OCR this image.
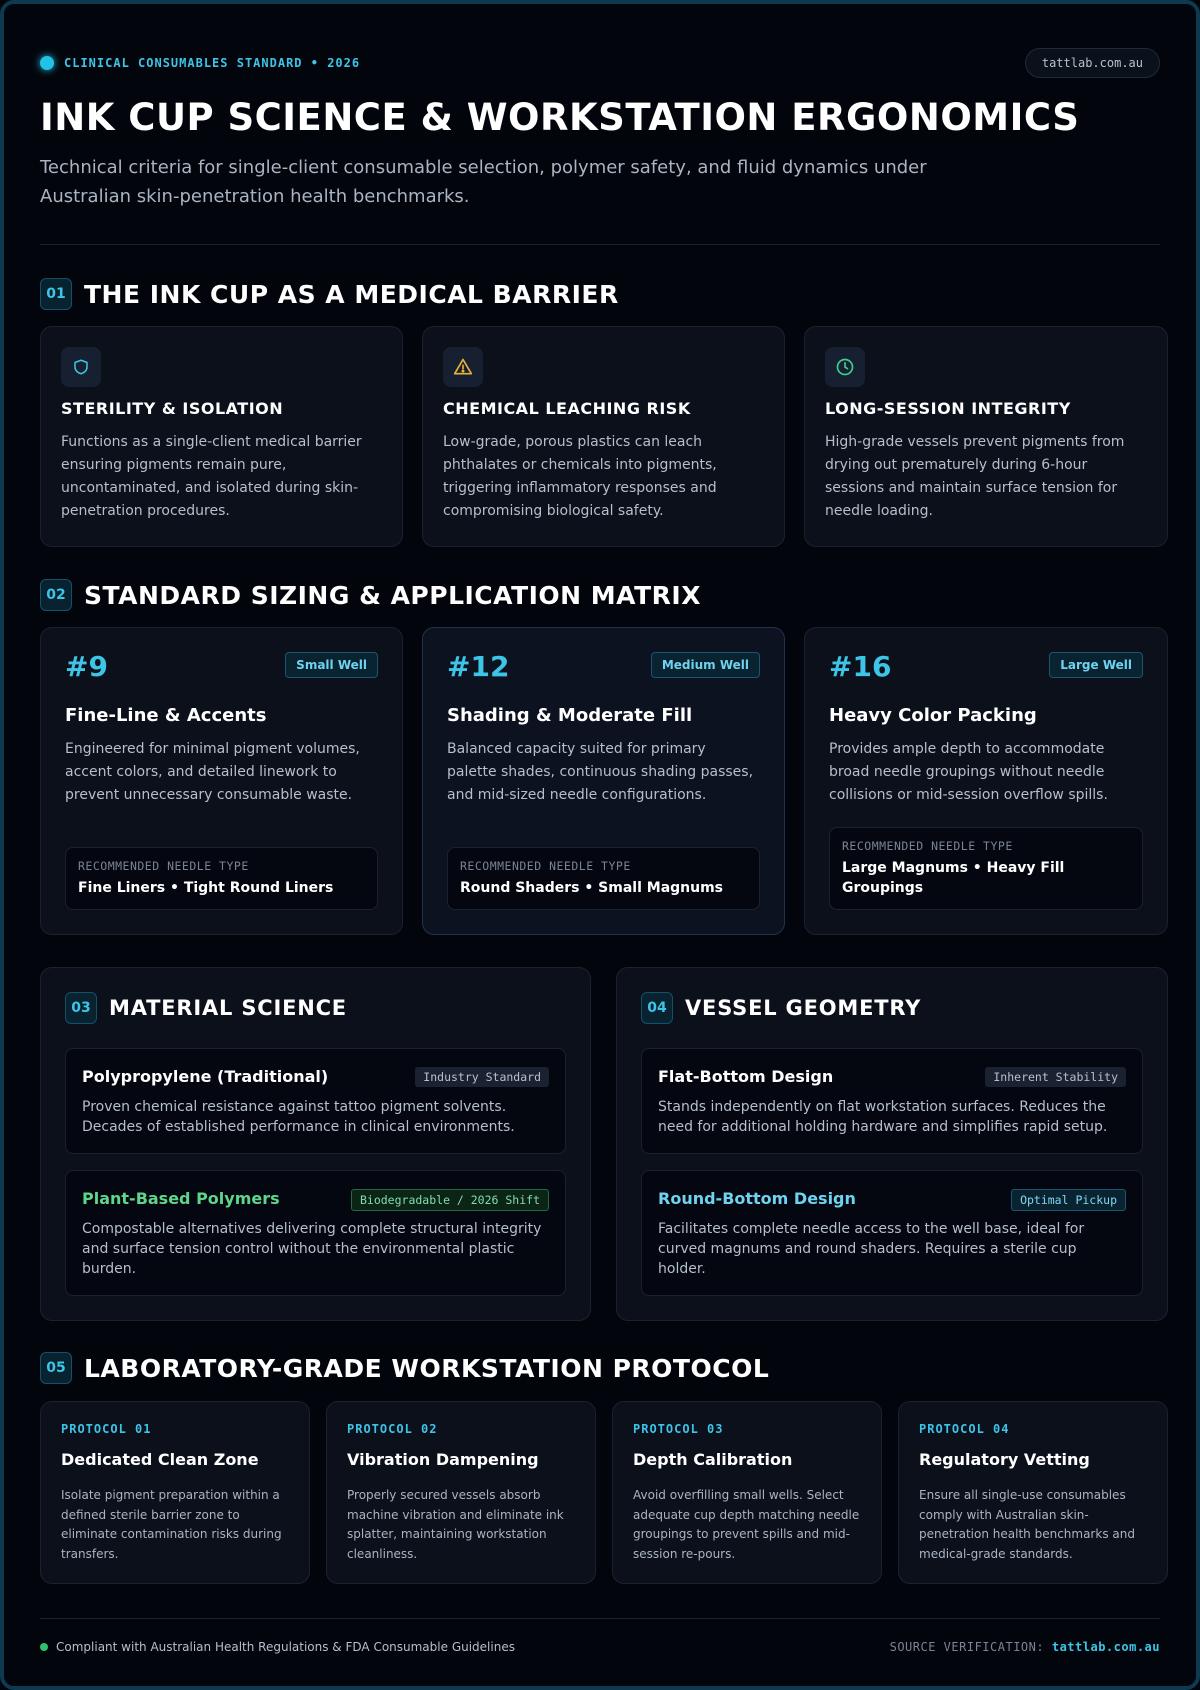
CLINICAL CONSUMABLES STANDARD • 2026	tattlab.com.au
INK CUP SCIENCE & WORKSTATION ERGONOMICS
Technical criteria for single-client consumable selection, polymer safety, and fluid dynamics under Australian skin-penetration health benchmarks.
01 THE INK CUP AS A MEDICAL BARRIER
STERILITY & ISOLATION
Functions as a single-client medical barrier ensuring pigments remain pure, uncontaminated, and isolated during skin-penetration procedures.
CHEMICAL LEACHING RISK
Low-grade, porous plastics can leach phthalates or chemicals into pigments, triggering inflammatory responses and compromising biological safety.
LONG-SESSION INTEGRITY
High-grade vessels prevent pigments from drying out prematurely during 6-hour sessions and maintain surface tension for needle loading.
02 STANDARD SIZING & APPLICATION MATRIX
#9	Small Well
Fine-Line & Accents
Engineered for minimal pigment volumes, accent colors, and detailed linework to prevent unnecessary consumable waste.
RECOMMENDED NEEDLE TYPE
Fine Liners • Tight Round Liners
#12	Medium Well
Shading & Moderate Fill
Balanced capacity suited for primary palette shades, continuous shading passes, and mid-sized needle configurations.
RECOMMENDED NEEDLE TYPE
Round Shaders • Small Magnums
#16	Large Well
Heavy Color Packing
Provides ample depth to accommodate broad needle groupings without needle collisions or mid-session overflow spills.
RECOMMENDED NEEDLE TYPE
Large Magnums • Heavy Fill Groupings
03 MATERIAL SCIENCE
Polypropylene (Traditional)	Industry Standard
Proven chemical resistance against tattoo pigment solvents. Decades of established performance in clinical environments.
Plant-Based Polymers	Biodegradable / 2026 Shift
Compostable alternatives delivering complete structural integrity and surface tension control without the environmental plastic burden.
04 VESSEL GEOMETRY
Flat-Bottom Design	Inherent Stability
Stands independently on flat workstation surfaces. Reduces the need for additional holding hardware and simplifies rapid setup.
Round-Bottom Design	Optimal Pickup
Facilitates complete needle access to the well base, ideal for curved magnums and round shaders. Requires a sterile cup holder.
05 LABORATORY-GRADE WORKSTATION PROTOCOL
PROTOCOL 01
Dedicated Clean Zone
Isolate pigment preparation within a defined sterile barrier zone to eliminate contamination risks during transfers.
PROTOCOL 02
Vibration Dampening
Properly secured vessels absorb machine vibration and eliminate ink splatter, maintaining workstation cleanliness.
PROTOCOL 03
Depth Calibration
Avoid overfilling small wells. Select adequate cup depth matching needle groupings to prevent spills and mid-session re-pours.
PROTOCOL 04
Regulatory Vetting
Ensure all single-use consumables comply with Australian skin-penetration health benchmarks and medical-grade standards.
Compliant with Australian Health Regulations & FDA Consumable Guidelines	SOURCE VERIFICATION: tattlab.com.au
